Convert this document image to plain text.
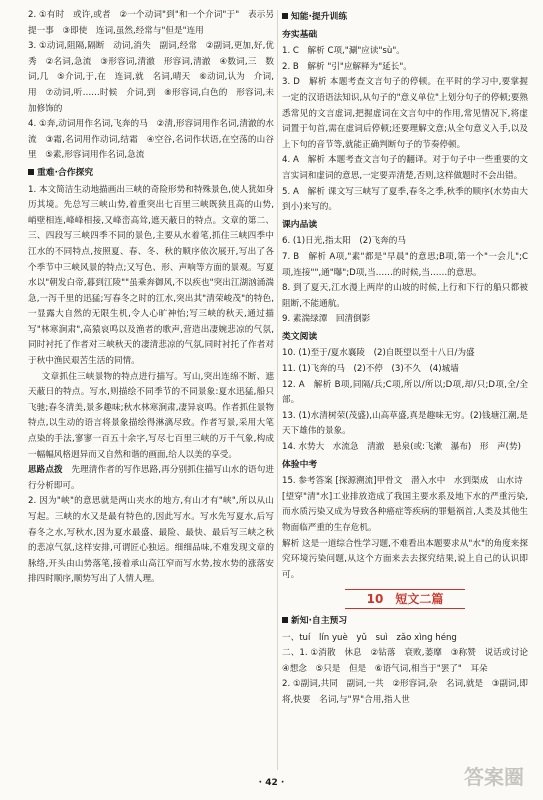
2. ①有时　或许,或者　②一个动词"到"和一个介词"于"　表示另提一事　③即使　连词,虽然,经常与"但是"连用

3. ①动词,阻隔,隔断　动词,消失　副词,经常　②副词,更加,好,优秀　②名词,急流　③形容词,清澈　形容词,清澈　④数词,三　数词,几　⑤介词,于,在　连词,就　名词,晴天　⑥动词,认为　介词,用　⑦动词,听……时候　介词,到　⑧形容词,白色的　形容词,未加修饰的

4. ①奔,动词用作名词,飞奔的马　②清,形容词用作名词,清澈的水流　③霜,名词用作动词,结霜　④空谷,名词作状语,在空荡的山谷里　⑤素,形容词用作名词,急流

重难·合作探究

1. 本文简洁生动地描画出三峡的奇险形势和特殊景色,使人犹如身历其境。先总写三峡山势,着重突出七百里三峡既狭且高的山势,峭壁相连,峰峰相接,又峰峦高耸,遮天蔽日的特点。文章的第二、三、四段写三峡四季不同的景色,主要从水着笔,抓住三峡四季中江水的不同特点,按照夏、春、冬、秋的顺序依次展开,写出了各个季节中三峡风景的特点;又写色、形、声响等方面的景观。写夏水以"朝发白帝,暮到江陵""虽乘奔御风,不以疾也"突出江湖汹涌湍急,一泻千里的迅猛;写春冬之时的江水,突出其"清荣峻茂"的特色,一显露大自然的无限生机,令人心旷神怡;写三峡的秋天,通过描写"林寒涧肃",高猿哀鸣以及渔者的歌声,营造出凄婉悲凉的气氛,同时衬托了作者对三峡秋天的凄清悲凉的气氛,同时衬托了作者对于秋中渔民艰苦生活的同情。

文章抓住三峡景物的特点进行描写。写山,突出连绵不断、遮天蔽日的特点。写水,则描绘不同季节的不同景象:夏水迅猛,船只飞驰;春冬清美,景多趣味;秋水林寒涧肃,凄异哀鸣。作者抓住景物特点,以生动的语言将景象描绘得淋漓尽致。作者写景,采用大笔点染的手法,寥寥一百五十余字,写尽七百里三峡的万千气象,构成一幅幅风格迥异而又自然和谐的画面,给人以美的享受。

思路点拨　 先理清作者的写作思路,再分别抓住描写山水的语句进行分析即可。

2. 因为"峡"的意思就是两山夹水的地方,有山才有"峡",所以从山写起。三峡的水又是最有特色的,因此写水。写水先写夏水,后写春冬之水,写秋水,因为夏水最盛、最险、最快、最后写三峡之秋的悲凉气氛,这样安排,可谓匠心独运。细细品味,不难发现文章的脉络,开头由山势落笔,接着承山高江窄而写水势,按水势的涨落安排四时顺序,顺势写出了人情人理。

知能·提升训练
夯实基础

1. C　解析 C项,"涮"应读"sù"。

2. B　解析 "引"应解释为"延长"。

3. D　解析 本题考查文言句子的停顿。在平时的学习中,要掌握一定的汉语语法知识,从句子的"意义单位"上划分句子的停顿;要熟悉常见的文言虚词,把握虚词在文言句中的作用,常见情况下,将虚词置于句首,需在虚词后停顿;还要理解文意;从全句意义入手,以及上下句的音节等,就能正确判断句子的节奏停顿。

4. A　解析 本题考查文言句子的翻译。对于句子中一些重要的文言实词和虚词的意思,一定要弄清楚,否则,这样做题时不会出错。

5. A　解析 课文写三峡写了夏季,春冬之季,秋季的顺序(水势由大到小)来写的。

课内品读

6. (1)日光,指太阳　(2)飞奔的马

7. B　解析 A项,"素"都是"早晨"的意思;B项,第一个"一会儿";C项,连接"",通"曝";D项,当……的时候,当……的意思。

8. 到了夏天,江水漫上两岸的山坡的时候,上行和下行的船只都被阻断,不能通航。

9. 素湍绿潭　回清倒影

类文阅读

10. (1)至于/夏水襄陵　(2)自既望以至十八日/为盛

11. (1)飞奔的马　(2)不停　(3)不久　(4)城墙

12. A　解析 B项,同隔/兵;C项,所以/所以;D项,却/只;D项,全/全部。

13. (1)水清树荣(茂盛),山高草盛,真是趣味无穷。(2)钱塘江潮,是天下雄伟的景象。

14. 水势大　水流急　清澈　悬泉(或:飞漱　瀑布)　形　声(势)

体验中考

15. 参考答案 [探源溯流]甲骨文　潜入水中　水到渠成　山水诗

[望穿"清"水]工业排放造成了我国主要水系及地下水的严重污染,而水质污染又成为导致各种癌症等疾病的罪魁祸首,人类及其他生物面临严重的生存危机。

解析 这是一道综合性学习题,不难看出本题要求从"水"的角度来探究环境污染问题,从这个方面来去去探究结果,说上自己的认识即可。

10　短文二篇
新知·自主预习

一、tuí　lín yuè　yǔ　suì　zǎo xìng héng

二、1. ①消散　休息　②钻落　衰败,萎靡　③称赞　说话或讨论　④想念　⑤只是　但是　⑥语气词,相当于"罢了"　耳朵

2. ①副词,共同　副词,一共　②形容词,杂　名词,就是　③副词,即将,快要　名词,与"界"合用,指人世

· 42 ·	答案圈
